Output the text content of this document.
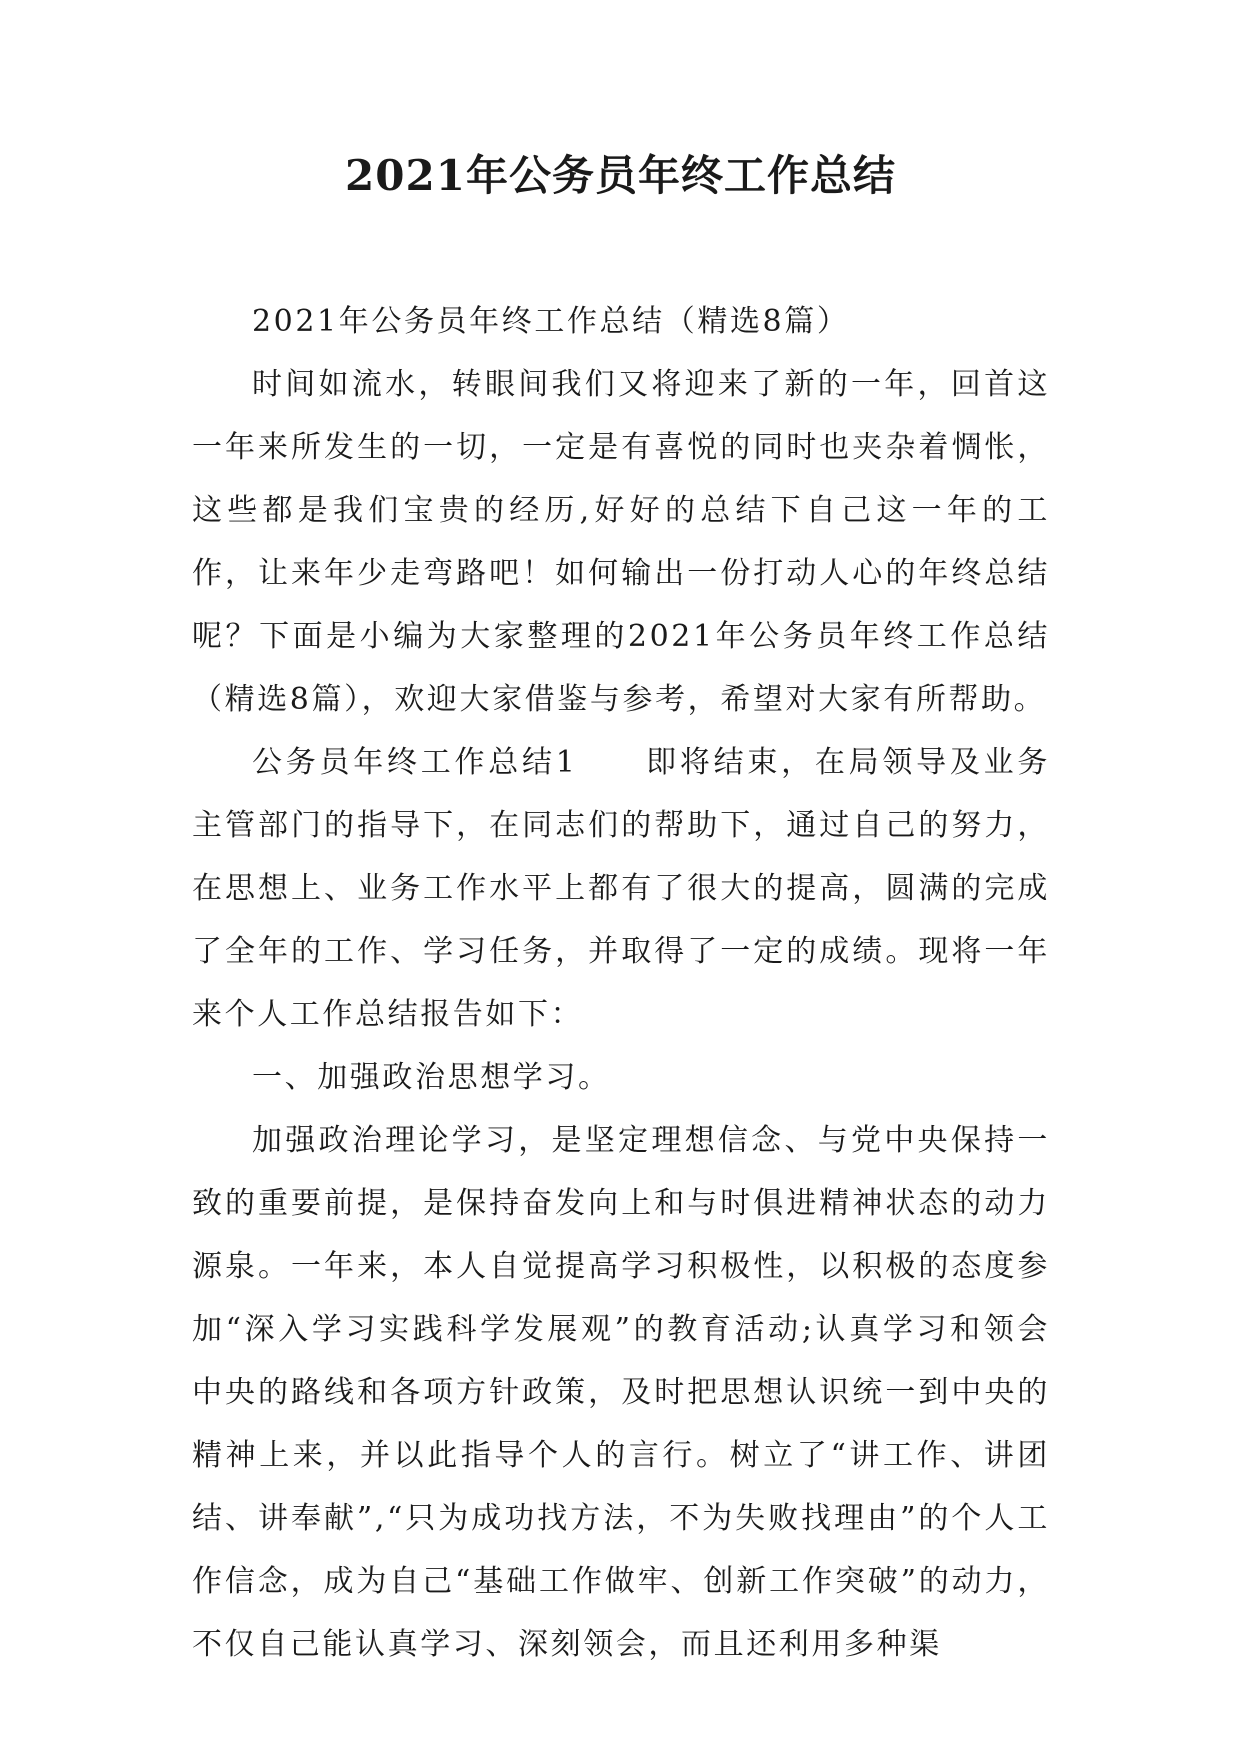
2021年公务员年终工作总结

2021年公务员年终工作总结（精选8篇）

时间如流水，转眼间我们又将迎来了新的一年，回首这一年来所发生的一切，一定是有喜悦的同时也夹杂着惆怅，这些都是我们宝贵的经历,好好的总结下自己这一年的工作，让来年少走弯路吧！如何输出一份打动人心的年终总结呢？下面是小编为大家整理的2021年公务员年终工作总结（精选8篇），欢迎大家借鉴与参考，希望对大家有所帮助。

公务员年终工作总结1　　即将结束，在局领导及业务主管部门的指导下，在同志们的帮助下，通过自己的努力，在思想上、业务工作水平上都有了很大的提高，圆满的完成了全年的工作、学习任务，并取得了一定的成绩。现将一年来个人工作总结报告如下：

一、加强政治思想学习。

加强政治理论学习，是坚定理想信念、与党中央保持一致的重要前提，是保持奋发向上和与时俱进精神状态的动力源泉。一年来，本人自觉提高学习积极性，以积极的态度参加“深入学习实践科学发展观”的教育活动;认真学习和领会中央的路线和各项方针政策，及时把思想认识统一到中央的精神上来，并以此指导个人的言行。树立了“讲工作、讲团结、讲奉献”,“只为成功找方法，不为失败找理由”的个人工作信念，成为自己“基础工作做牢、创新工作突破”的动力，不仅自己能认真学习、深刻领会，而且还利用多种渠
